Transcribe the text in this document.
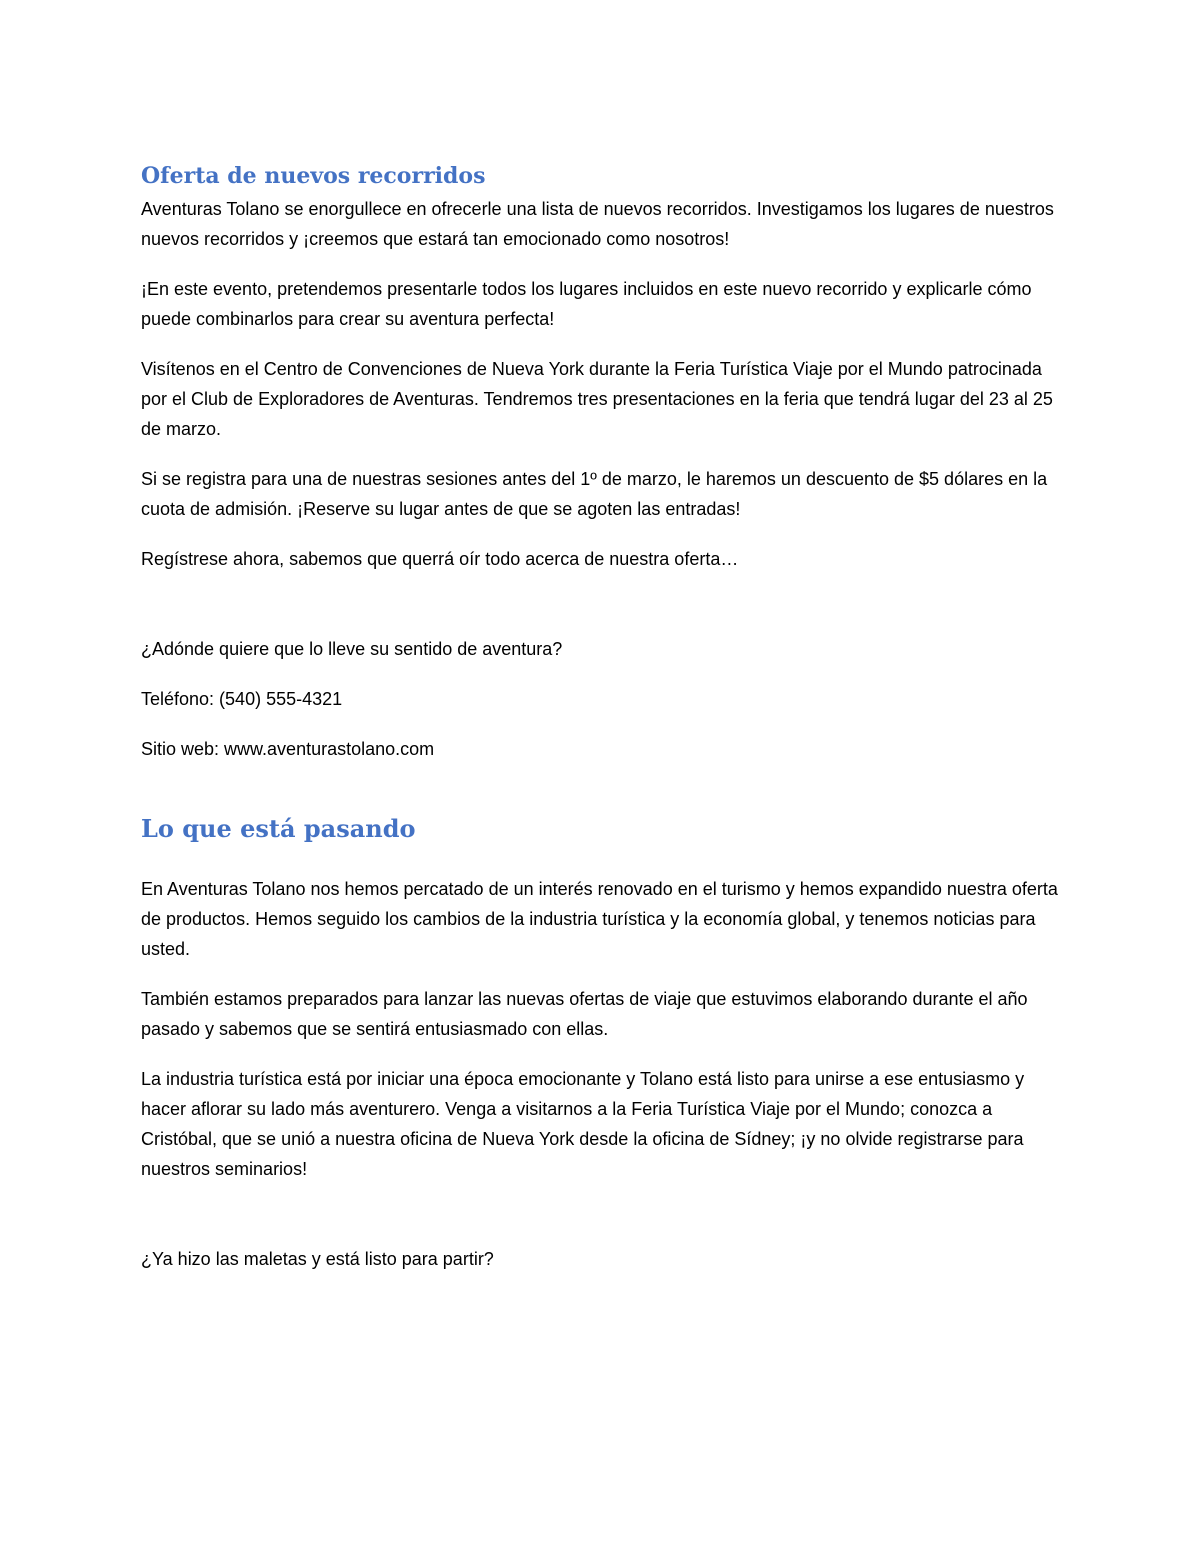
Oferta de nuevos recorridos

Aventuras Tolano se enorgullece en ofrecerle una lista de nuevos recorridos. Investigamos los lugares de nuestros nuevos recorridos y ¡creemos que estará tan emocionado como nosotros!

¡En este evento, pretendemos presentarle todos los lugares incluidos en este nuevo recorrido y explicarle cómo puede combinarlos para crear su aventura perfecta!

Visítenos en el Centro de Convenciones de Nueva York durante la Feria Turística Viaje por el Mundo patrocinada por el Club de Exploradores de Aventuras. Tendremos tres presentaciones en la feria que tendrá lugar del 23 al 25 de marzo.

Si se registra para una de nuestras sesiones antes del 1º de marzo, le haremos un descuento de $5 dólares en la cuota de admisión. ¡Reserve su lugar antes de que se agoten las entradas!

Regístrese ahora, sabemos que querrá oír todo acerca de nuestra oferta…

¿Adónde quiere que lo lleve su sentido de aventura?

Teléfono: (540) 555-4321

Sitio web: www.aventurastolano.com

Lo que está pasando

En Aventuras Tolano nos hemos percatado de un interés renovado en el turismo y hemos expandido nuestra oferta de productos. Hemos seguido los cambios de la industria turística y la economía global, y tenemos noticias para usted.

También estamos preparados para lanzar las nuevas ofertas de viaje que estuvimos elaborando durante el año pasado y sabemos que se sentirá entusiasmado con ellas.

La industria turística está por iniciar una época emocionante y Tolano está listo para unirse a ese entusiasmo y hacer aflorar su lado más aventurero. Venga a visitarnos a la Feria Turística Viaje por el Mundo; conozca a Cristóbal, que se unió a nuestra oficina de Nueva York desde la oficina de Sídney; ¡y no olvide registrarse para nuestros seminarios!

¿Ya hizo las maletas y está listo para partir?
